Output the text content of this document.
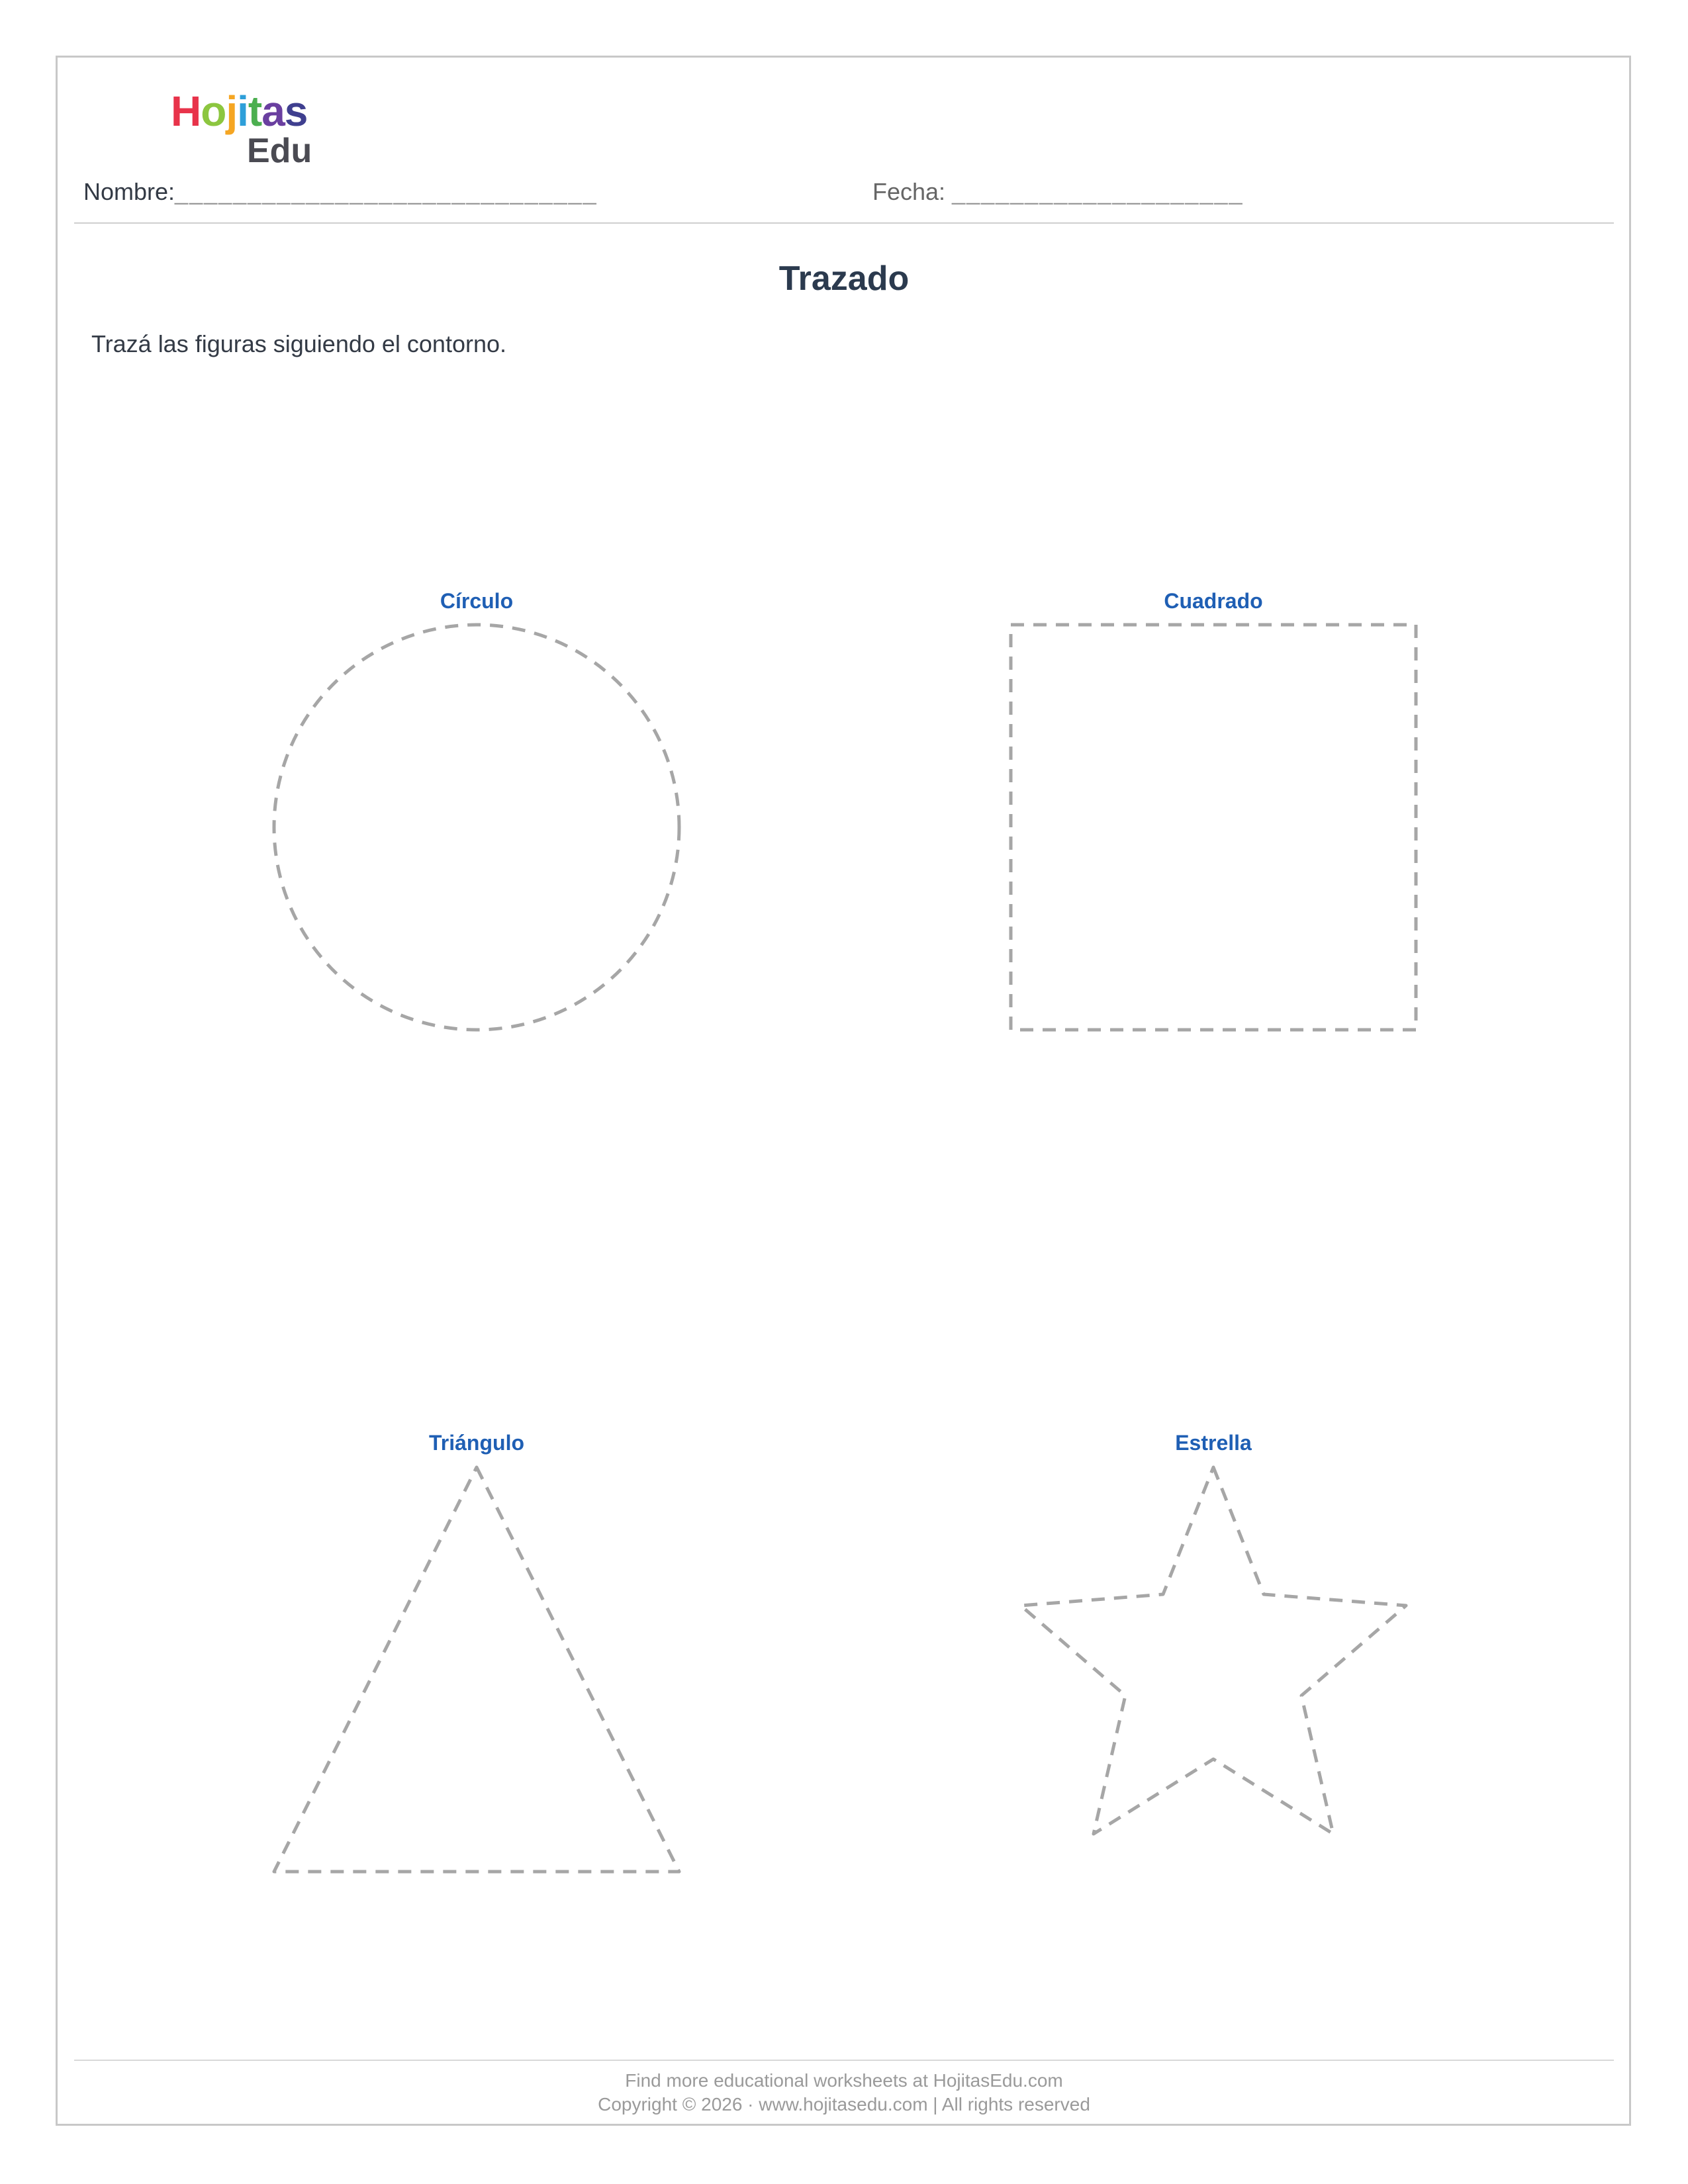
Hojitas
Edu
Nombre:_____________________________	Fecha: ____________________
Trazado
Trazá las figuras siguiendo el contorno.
Círculo	Cuadrado
Triángulo	Estrella
Find more educational worksheets at HojitasEdu.com
Copyright © 2026 · www.hojitasedu.com | All rights reserved
